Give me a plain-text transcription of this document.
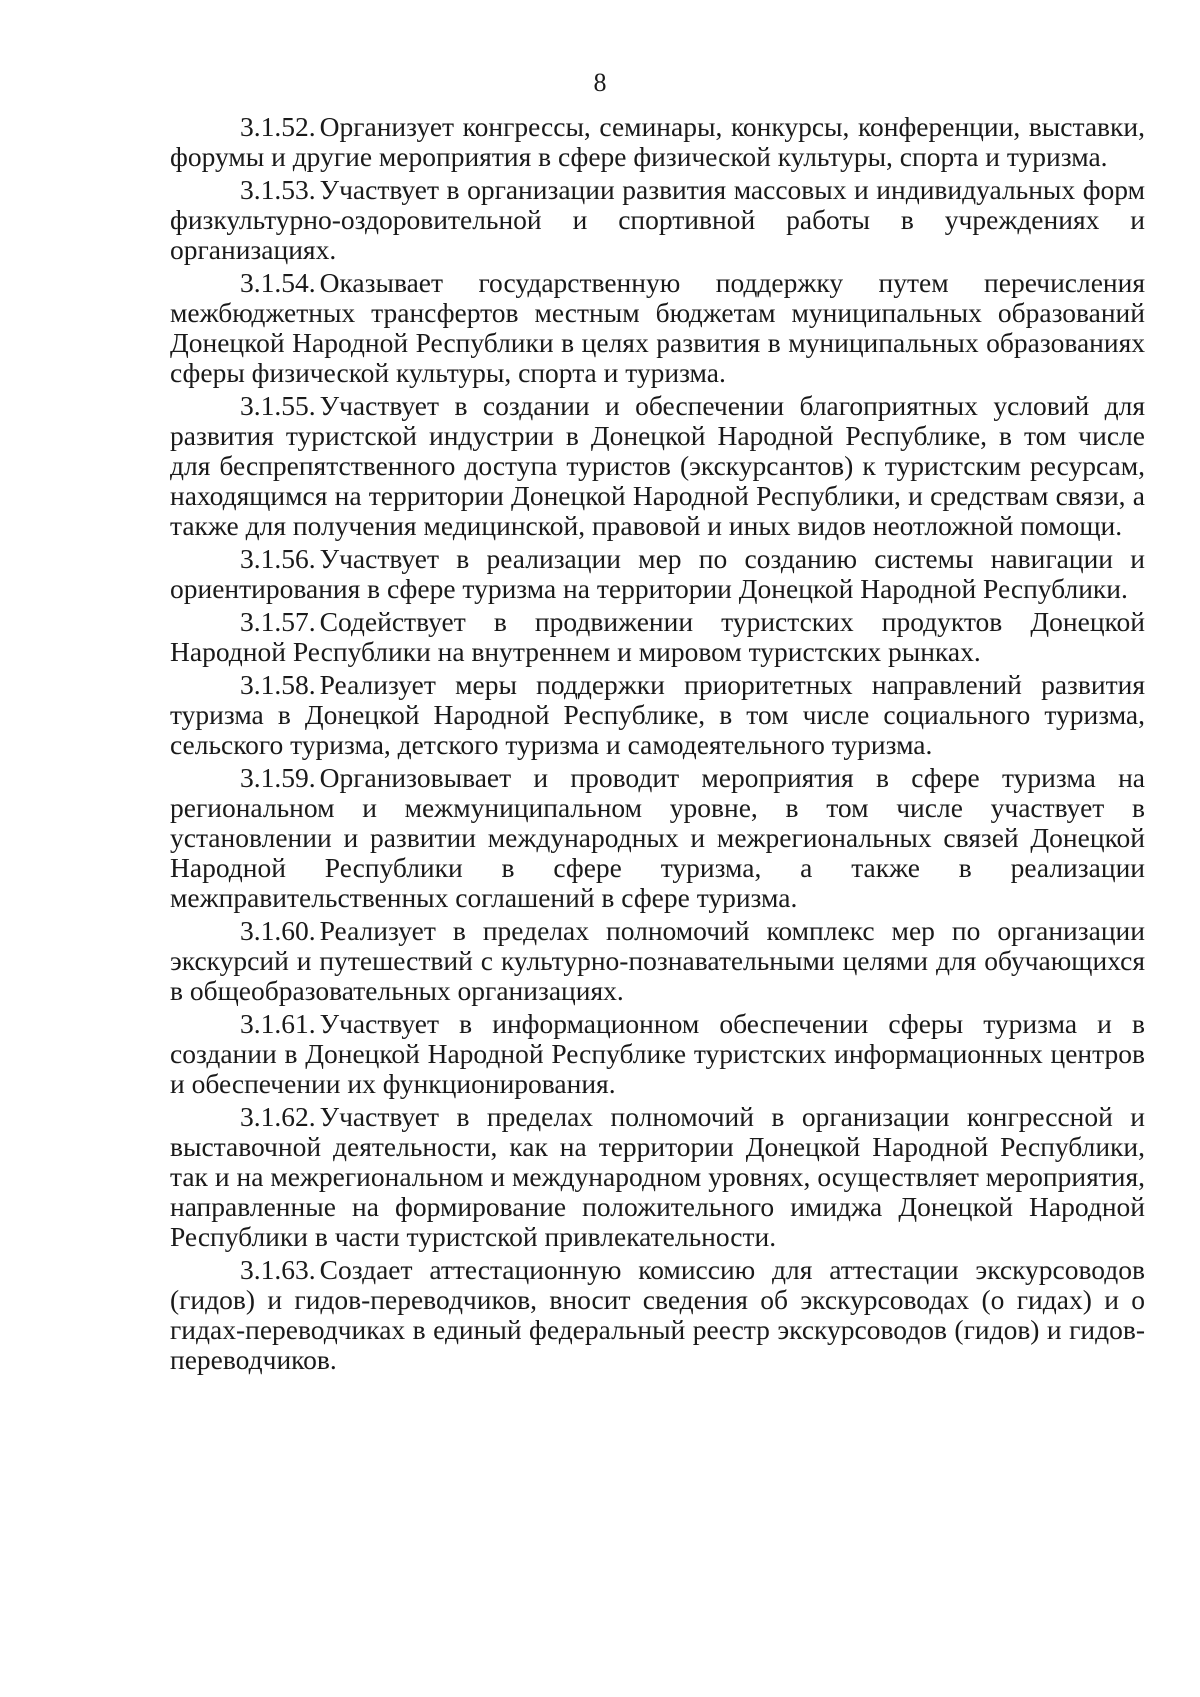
8

3.1.52. Организует конгрессы, семинары, конкурсы, конференции, выставки, форумы и другие мероприятия в сфере физической культуры, спорта и туризма.

3.1.53. Участвует в организации развития массовых и индивидуальных форм физкультурно-оздоровительной и спортивной работы в учреждениях и организациях.

3.1.54. Оказывает государственную поддержку путем перечисления межбюджетных трансфертов местным бюджетам муниципальных образований Донецкой Народной Республики в целях развития в муниципальных образованиях сферы физической культуры, спорта и туризма.

3.1.55. Участвует в создании и обеспечении благоприятных условий для развития туристской индустрии в Донецкой Народной Республике, в том числе для беспрепятственного доступа туристов (экскурсантов) к туристским ресурсам, находящимся на территории Донецкой Народной Республики, и средствам связи, а также для получения медицинской, правовой и иных видов неотложной помощи.

3.1.56. Участвует в реализации мер по созданию системы навигации и ориентирования в сфере туризма на территории Донецкой Народной Республики.

3.1.57. Содействует в продвижении туристских продуктов Донецкой Народной Республики на внутреннем и мировом туристских рынках.

3.1.58. Реализует меры поддержки приоритетных направлений развития туризма в Донецкой Народной Республике, в том числе социального туризма, сельского туризма, детского туризма и самодеятельного туризма.

3.1.59. Организовывает и проводит мероприятия в сфере туризма на региональном и межмуниципальном уровне, в том числе участвует в установлении и развитии международных и межрегиональных связей Донецкой Народной Республики в сфере туризма, а также в реализации межправительственных соглашений в сфере туризма.

3.1.60. Реализует в пределах полномочий комплекс мер по организации экскурсий и путешествий с культурно-познавательными целями для обучающихся в общеобразовательных организациях.

3.1.61. Участвует в информационном обеспечении сферы туризма и в создании в Донецкой Народной Республике туристских информационных центров и обеспечении их функционирования.

3.1.62. Участвует в пределах полномочий в организации конгрессной и выставочной деятельности, как на территории Донецкой Народной Республики, так и на межрегиональном и международном уровнях, осуществляет мероприятия, направленные на формирование положительного имиджа Донецкой Народной Республики в части туристской привлекательности.

3.1.63. Создает аттестационную комиссию для аттестации экскурсоводов (гидов) и гидов-переводчиков, вносит сведения об экскурсоводах (о гидах) и о гидах-переводчиках в единый федеральный реестр экскурсоводов (гидов) и гидов-переводчиков.
